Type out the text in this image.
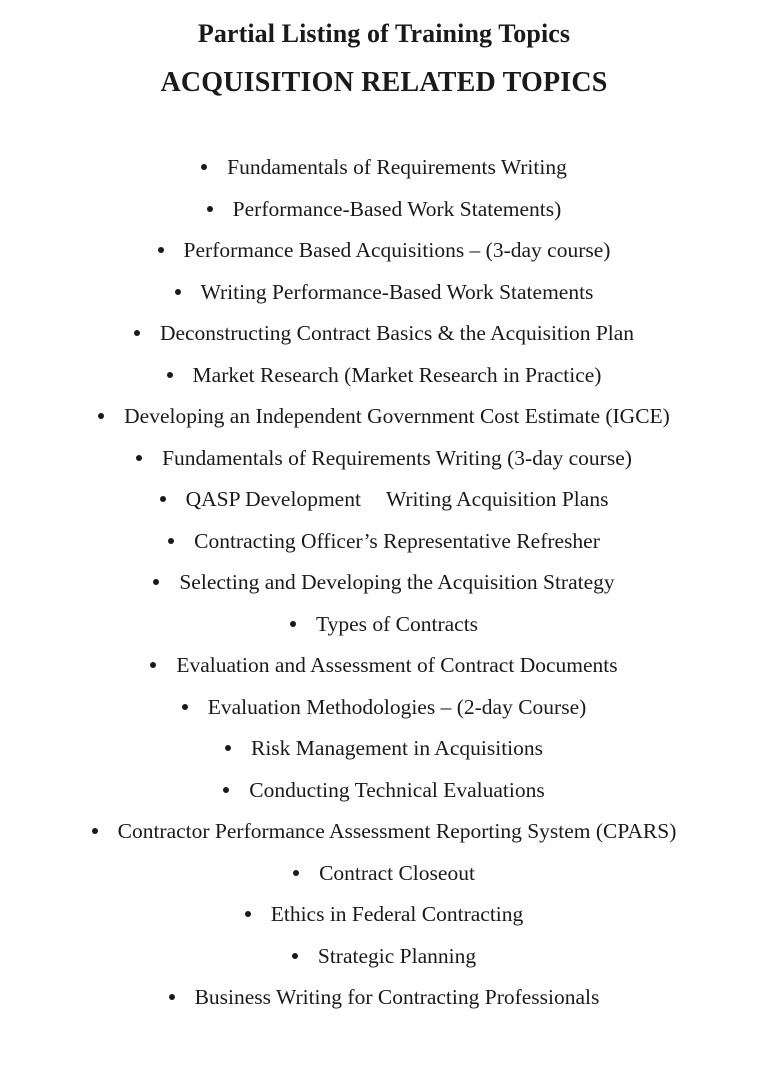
Partial Listing of Training Topics
ACQUISITION RELATED TOPICS
Fundamentals of Requirements Writing
Performance-Based Work Statements)
Performance Based Acquisitions – (3-day course)
Writing Performance-Based Work Statements
Deconstructing Contract Basics & the Acquisition Plan
Market Research (Market Research in Practice)
Developing an Independent Government Cost Estimate (IGCE)
Fundamentals of Requirements Writing (3-day course)
QASP Development Writing Acquisition Plans
Contracting Officer’s Representative Refresher
Selecting and Developing the Acquisition Strategy
Types of Contracts
Evaluation and Assessment of Contract Documents
Evaluation Methodologies – (2-day Course)
Risk Management in Acquisitions
Conducting Technical Evaluations
Contractor Performance Assessment Reporting System (CPARS)
Contract Closeout
Ethics in Federal Contracting
Strategic Planning
Business Writing for Contracting Professionals
